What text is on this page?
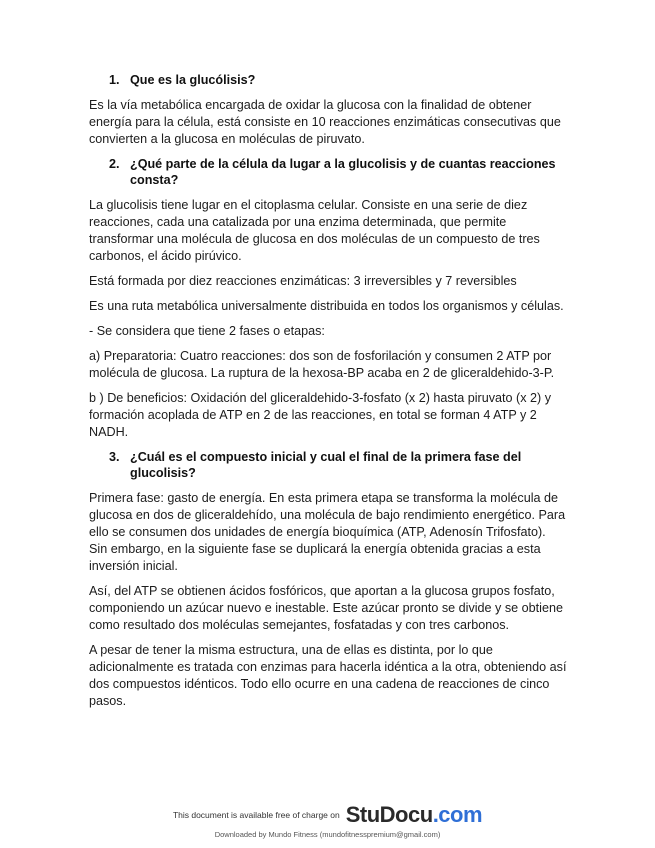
1. Que es la glucólisis?

Es la vía metabólica encargada de oxidar la glucosa con la finalidad de obtener energía para la célula, está consiste en 10 reacciones enzimáticas consecutivas que convierten a la glucosa en moléculas de piruvato.

2. ¿Qué parte de la célula da lugar a la glucolisis y de cuantas reacciones consta?

La glucolisis tiene lugar en el citoplasma celular. Consiste en una serie de diez reacciones, cada una catalizada por una enzima determinada, que permite transformar una molécula de glucosa en dos moléculas de un compuesto de tres carbonos, el ácido pirúvico.

Está formada por diez reacciones enzimáticas: 3 irreversibles y 7 reversibles

Es una ruta metabólica universalmente distribuida en todos los organismos y células.

- Se considera que tiene 2 fases o etapas:

a) Preparatoria: Cuatro reacciones: dos son de fosforilación y consumen 2 ATP por molécula de glucosa. La ruptura de la hexosa-BP acaba en 2 de gliceraldehido-3-P.

b ) De beneficios: Oxidación del gliceraldehido-3-fosfato (x 2) hasta piruvato (x 2) y formación acoplada de ATP en 2 de las reacciones, en total se forman 4 ATP y 2 NADH.

3. ¿Cuál es el compuesto inicial y cual el final de la primera fase del glucolisis?

Primera fase: gasto de energía. En esta primera etapa se transforma la molécula de glucosa en dos de gliceraldehído, una molécula de bajo rendimiento energético. Para ello se consumen dos unidades de energía bioquímica (ATP, Adenosín Trifosfato). Sin embargo, en la siguiente fase se duplicará la energía obtenida gracias a esta inversión inicial.

Así, del ATP se obtienen ácidos fosfóricos, que aportan a la glucosa grupos fosfato, componiendo un azúcar nuevo e inestable. Este azúcar pronto se divide y se obtiene como resultado dos moléculas semejantes, fosfatadas y con tres carbonos.

A pesar de tener la misma estructura, una de ellas es distinta, por lo que adicionalmente es tratada con enzimas para hacerla idéntica a la otra, obteniendo así dos compuestos idénticos. Todo ello ocurre en una cadena de reacciones de cinco pasos.

This document is available free of charge on StuDocu.com
Downloaded by Mundo Fitness (mundofitnesspremium@gmail.com)
